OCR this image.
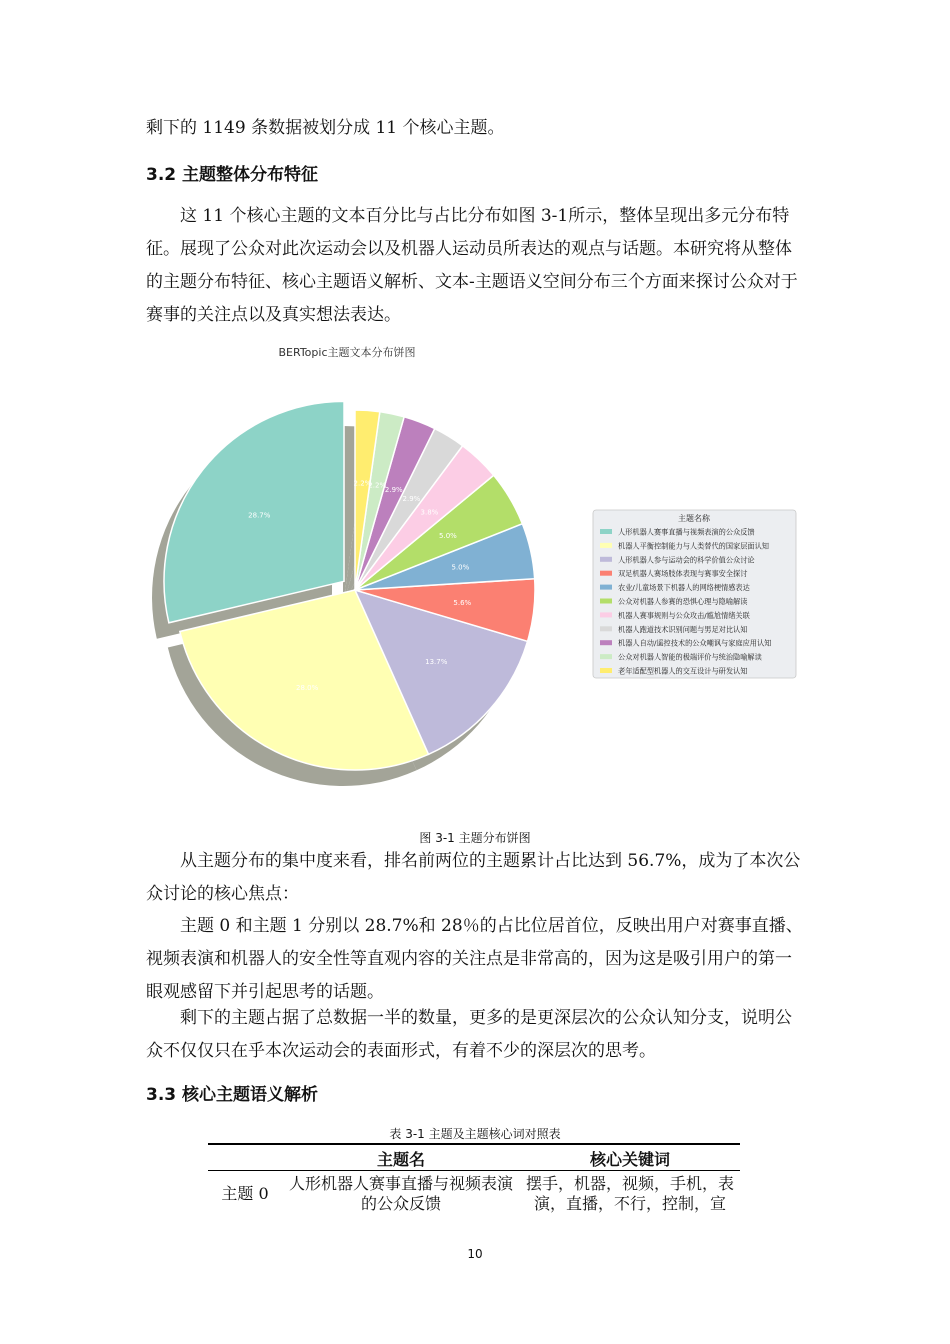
剩下的 1149 条数据被划分成 11 个核心主题。

3.2 主题整体分布特征

这 11 个核心主题的文本百分比与占比分布如图 3-1所示，整体呈现出多元分布特征。展现了公众对此次运动会以及机器人运动员所表达的观点与话题。本研究将从整体的主题分布特征、核心主题语义解析、文本-主题语义空间分布三个方面来探讨公众对于赛事的关注点以及真实想法表达。

BERTopic主题文本分布饼图
28.7%
28.0%
13.7%
5.6%
5.0%
5.0%
3.8%
2.9%
2.9%
2.2%
2.2%
主题名称
人形机器人赛事直播与视频表演的公众反馈
机器人平衡控制能力与人类替代的国家层面认知
人形机器人参与运动会的科学价值公众讨论
双足机器人赛场肢体表现与赛事安全探讨
农业/儿童场景下机器人的网络梗情感表达
公众对机器人参赛的恐惧心理与隐喻解读
机器人赛事规则与公众攻击/尴尬情绪关联
机器人跑道技术识别问题与男足对比认知
机器人自动/遥控技术的公众嘲讽与家庭应用认知
公众对机器人智能的极端评价与统治隐喻解读
老年适配型机器人的交互设计与研发认知
图 3-1 主题分布饼图

从主题分布的集中度来看，排名前两位的主题累计占比达到 56.7%，成为了本次公众讨论的核心焦点：

主题 0 和主题 1 分别以 28.7%和 28％的占比位居首位，反映出用户对赛事直播、视频表演和机器人的安全性等直观内容的关注点是非常高的，因为这是吸引用户的第一眼观感留下并引起思考的话题。

剩下的主题占据了总数据一半的数量，更多的是更深层次的公众认知分支，说明公众不仅仅只在乎本次运动会的表面形式，有着不少的深层次的思考。

3.3 核心主题语义解析
表 3-1 主题及主题核心词对照表
	主题名	核心关键词
主题 0	人形机器人赛事直播与视频表演的公众反馈	摆手，机器，视频，手机，表演，直播，不行，控制，宣
10
